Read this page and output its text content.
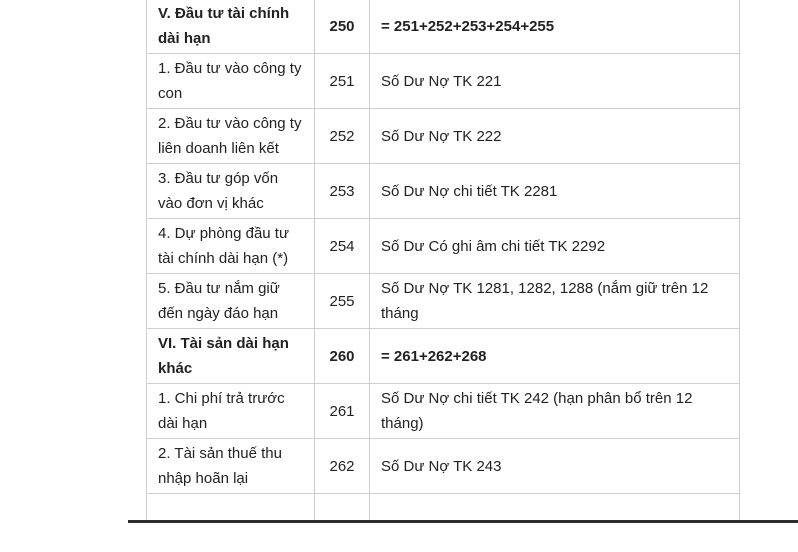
V. Đầu tư tài chính dài hạn	250	= 251+252+253+254+255
1. Đầu tư vào công ty con	251	Số Dư Nợ TK 221
2. Đầu tư vào công ty liên doanh liên kết	252	Số Dư Nợ TK 222
3. Đầu tư góp vốn vào đơn vị khác	253	Số Dư Nợ chi tiết TK 2281
4. Dự phòng đầu tư tài chính dài hạn (*)	254	Số Dư Có ghi âm chi tiết TK 2292
5. Đầu tư nắm giữ đến ngày đáo hạn	255	Số Dư Nợ TK 1281, 1282, 1288 (nắm giữ trên 12 tháng
VI. Tài sản dài hạn khác	260	= 261+262+268
1. Chi phí trả trước dài hạn	261	Số Dư Nợ chi tiết TK 242 (hạn phân bổ trên 12 tháng)
2. Tài sản thuế thu nhập hoãn lại	262	Số Dư Nợ TK 243
